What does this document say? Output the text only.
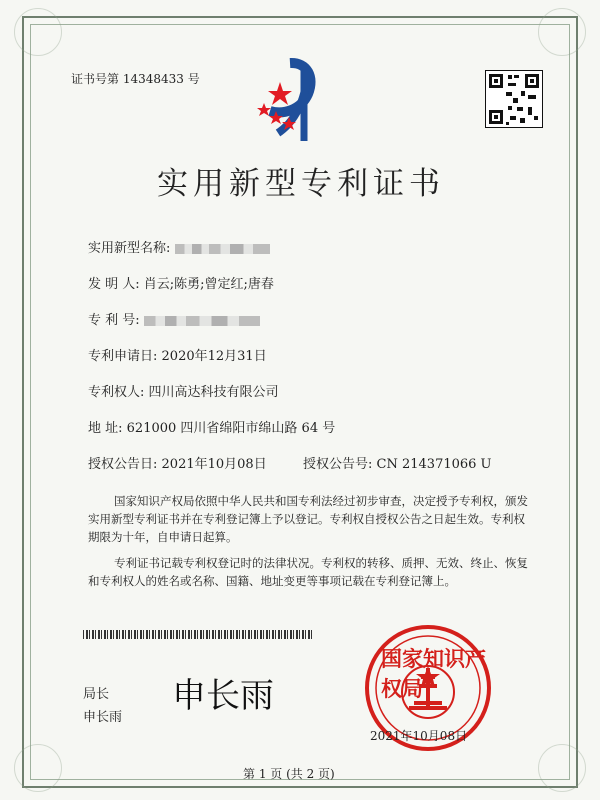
证书号第 14348433 号
实用新型专利证书
实用新型名称:
发 明 人: 肖云;陈勇;曾定红;唐春
专 利 号:
专利申请日: 2020年12月31日
专利权人: 四川高达科技有限公司
地 址: 621000 四川省绵阳市绵山路 64 号
授权公告日: 2021年10月08日	授权公告号: CN 214371066 U
国家知识产权局依照中华人民共和国专利法经过初步审查，决定授予专利权，颁发实用新型专利证书并在专利登记簿上予以登记。专利权自授权公告之日起生效。专利权期限为十年，自申请日起算。
专利证书记载专利权登记时的法律状况。专利权的转移、质押、无效、终止、恢复和专利权人的姓名或名称、国籍、地址变更等事项记载在专利登记簿上。
局长
申长雨
申长雨
国家知识产权局
2021年10月08日
第 1 页 (共 2 页)
